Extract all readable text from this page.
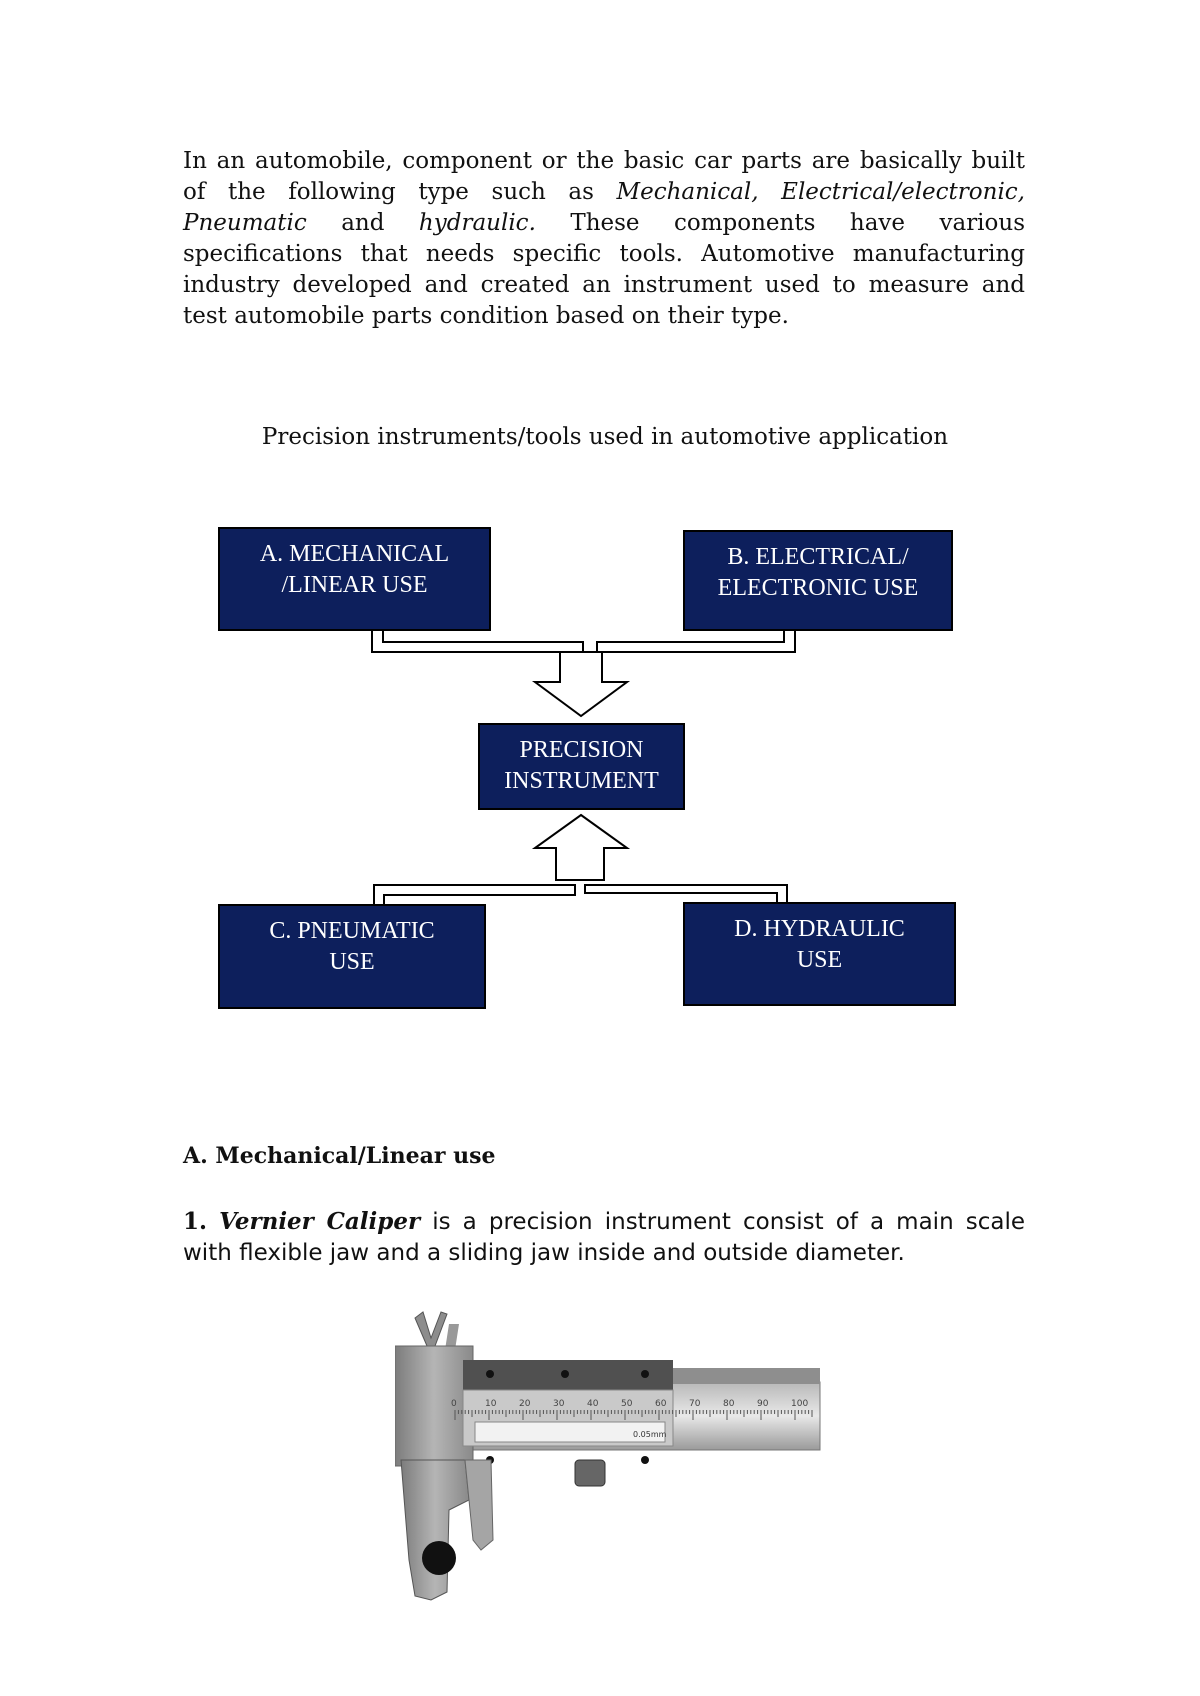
In an automobile, component or the basic car parts are basically built of the following type such as Mechanical, Electrical/electronic, Pneumatic and hydraulic. These components have various specifications that needs specific tools. Automotive manufacturing industry developed and created an instrument used to measure and test automobile parts condition based on their type.

Precision instruments/tools used in automotive application
A. MECHANICAL
/LINEAR USE
B. ELECTRICAL/
ELECTRONIC USE
PRECISION
INSTRUMENT
C. PNEUMATIC
USE
D. HYDRAULIC
USE
A. Mechanical/Linear use

1. Vernier Caliper is a precision instrument consist of a main scale with flexible jaw and a sliding jaw inside and outside diameter.

0.05mm
0	10	20	30	40	50	60	70	80	90	100
